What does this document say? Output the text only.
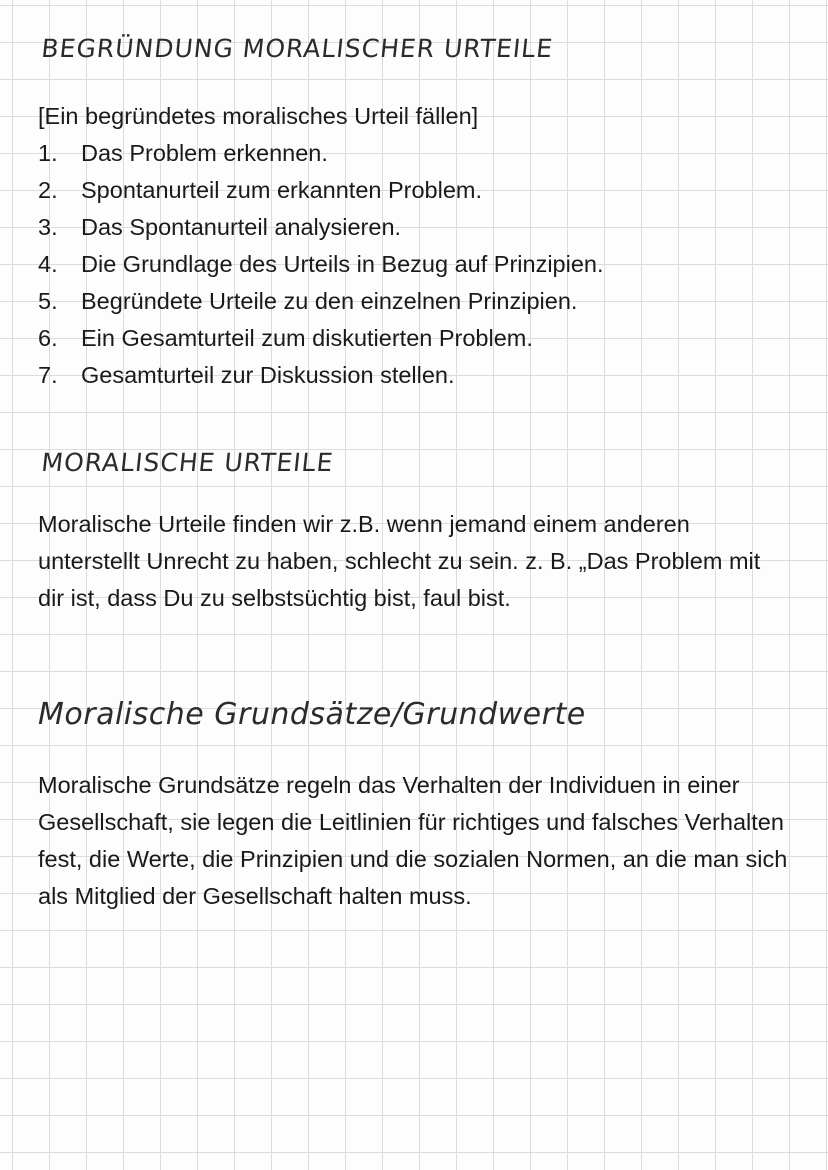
BEGRÜNDUNG MORALISCHER URTEILE

[Ein begründetes moralisches Urteil fällen]

1. Das Problem erkennen.
2. Spontanurteil zum erkannten Problem.
3. Das Spontanurteil analysieren.
4. Die Grundlage des Urteils in Bezug auf Prinzipien.
5. Begründete Urteile zu den einzelnen Prinzipien.
6. Ein Gesamturteil zum diskutierten Problem.
7. Gesamturteil zur Diskussion stellen.
MORALISCHE URTEILE

Moralische Urteile finden wir z.B. wenn jemand einem anderen unterstellt Unrecht zu haben, schlecht zu sein. z. B. „Das Problem mit dir ist, dass Du zu selbstsüchtig bist, faul bist.

Moralische Grundsätze/Grundwerte

Moralische Grundsätze regeln das Verhalten der Individuen in einer Gesellschaft, sie legen die Leitlinien für richtiges und falsches Verhalten fest, die Werte, die Prinzipien und die sozialen Normen, an die man sich als Mitglied der Gesellschaft halten muss.
